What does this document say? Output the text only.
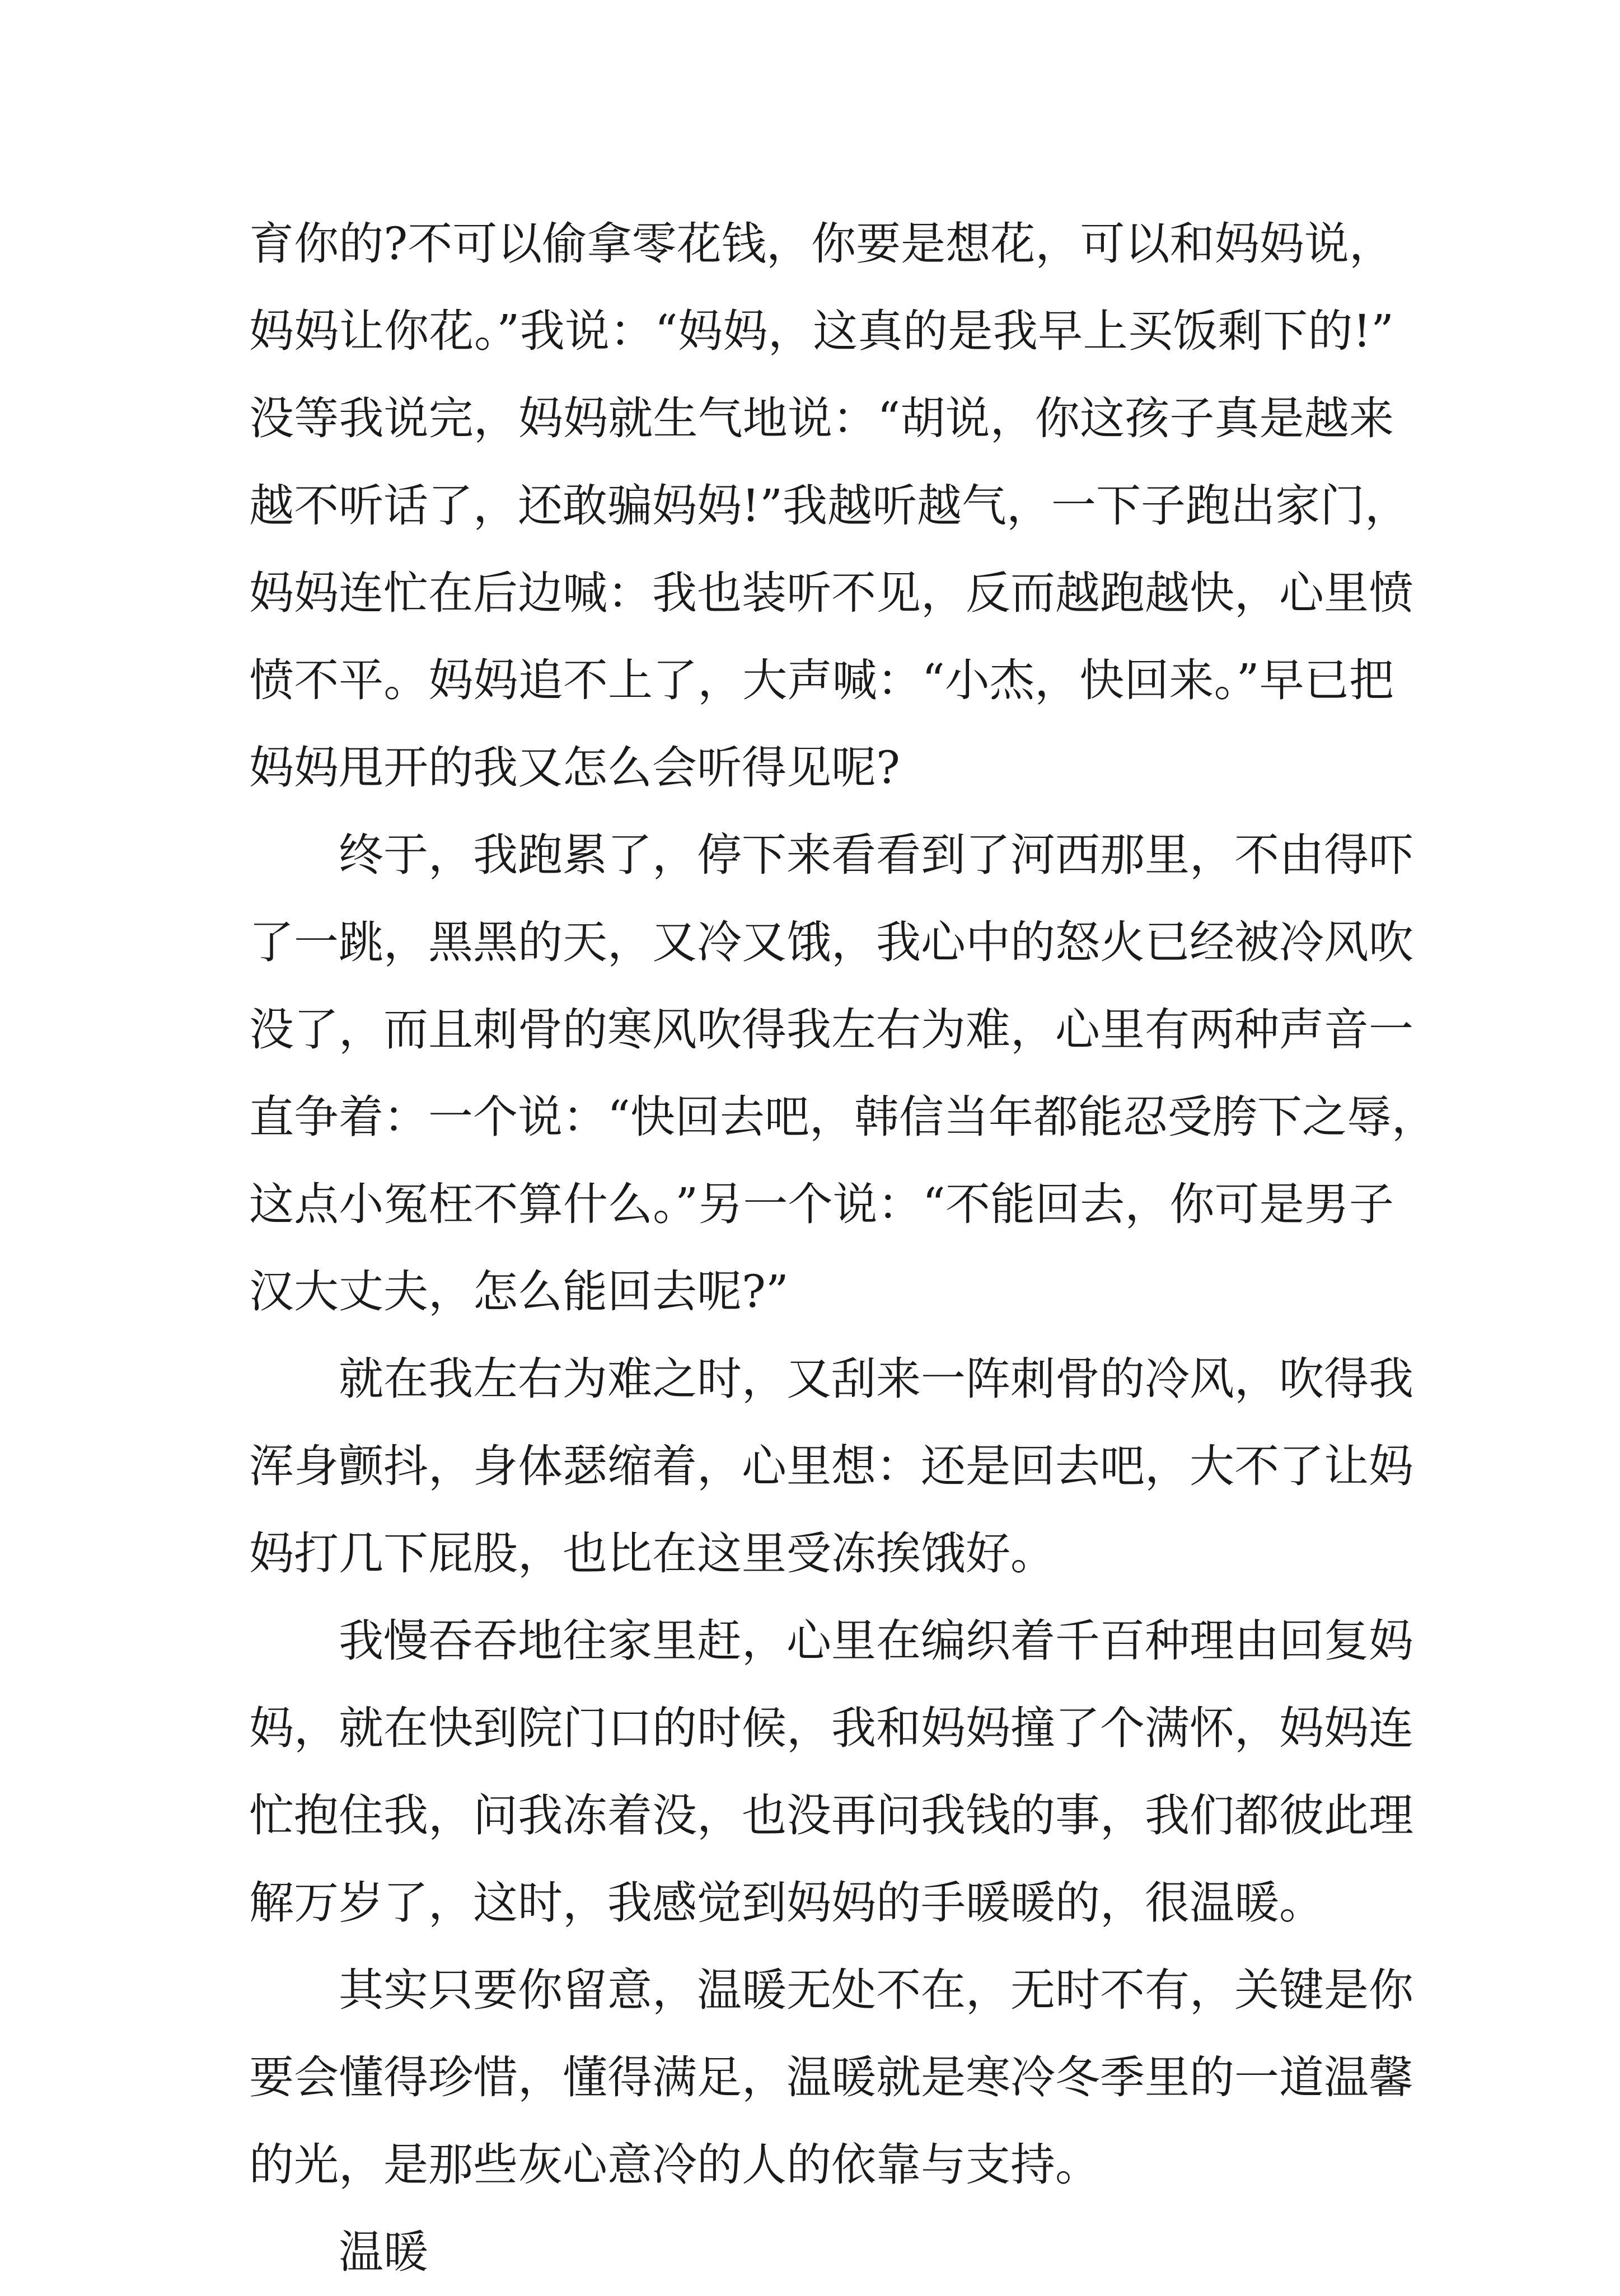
育你的?不可以偷拿零花钱，你要是想花，可以和妈妈说，
妈妈让你花。”我说：“妈妈，这真的是我早上买饭剩下的!”
没等我说完，妈妈就生气地说：“胡说，你这孩子真是越来
越不听话了，还敢骗妈妈!”我越听越气，一下子跑出家门，
妈妈连忙在后边喊：我也装听不见，反而越跑越快，心里愤
愤不平。妈妈追不上了，大声喊：“小杰，快回来。”早已把
妈妈甩开的我又怎么会听得见呢?
终于，我跑累了，停下来看看到了河西那里，不由得吓
了一跳，黑黑的天，又冷又饿，我心中的怒火已经被冷风吹
没了，而且刺骨的寒风吹得我左右为难，心里有两种声音一
直争着：一个说：“快回去吧，韩信当年都能忍受胯下之辱，
这点小冤枉不算什么。”另一个说：“不能回去，你可是男子
汉大丈夫，怎么能回去呢?”
就在我左右为难之时，又刮来一阵刺骨的冷风，吹得我
浑身颤抖，身体瑟缩着，心里想：还是回去吧，大不了让妈
妈打几下屁股，也比在这里受冻挨饿好。
我慢吞吞地往家里赶，心里在编织着千百种理由回复妈
妈，就在快到院门口的时候，我和妈妈撞了个满怀，妈妈连
忙抱住我，问我冻着没，也没再问我钱的事，我们都彼此理
解万岁了，这时，我感觉到妈妈的手暖暖的，很温暖。
其实只要你留意，温暖无处不在，无时不有，关键是你
要会懂得珍惜，懂得满足，温暖就是寒冷冬季里的一道温馨
的光，是那些灰心意冷的人的依靠与支持。
温暖
